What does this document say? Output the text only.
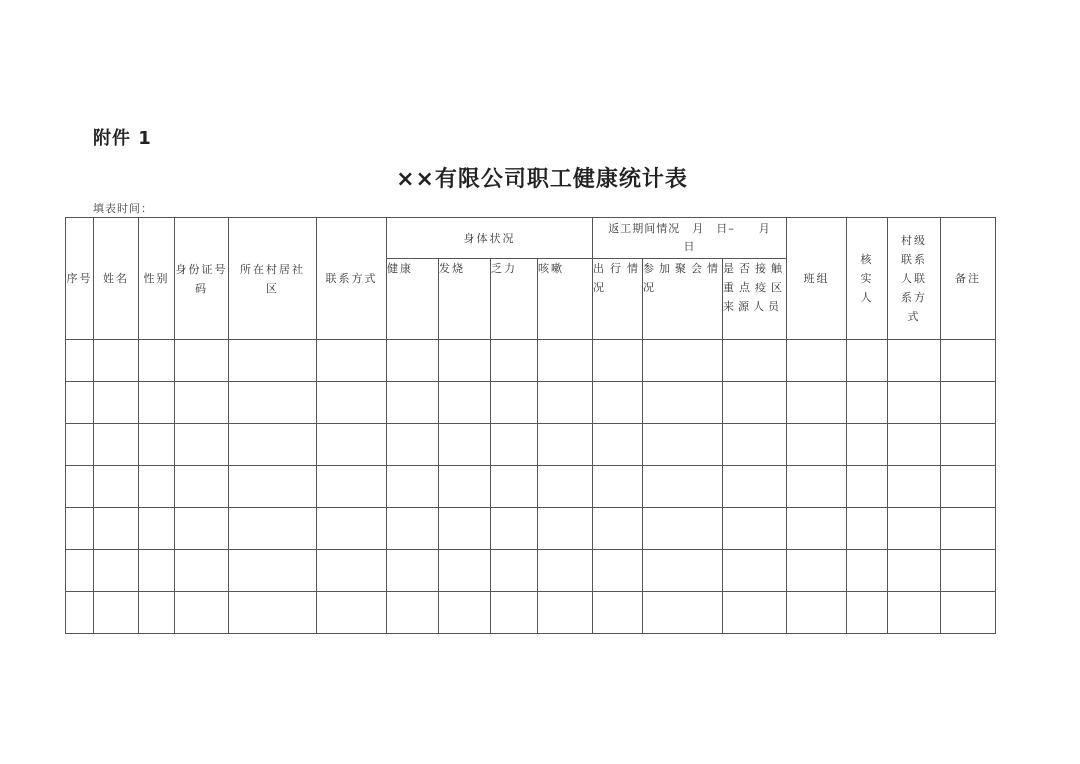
附件 1
××有限公司职工健康统计表
填表时间：
序号	姓名	性别	身份证号码	所在村居社区	联系方式	身体状况				返工期间情况　月　日–　　月　日			班组	核实人	村级联系人联系方式	备注
						健康	发烧	乏力	咳嗽	出行情况	参加聚会情况	是否接触重点疫区来源人员				
